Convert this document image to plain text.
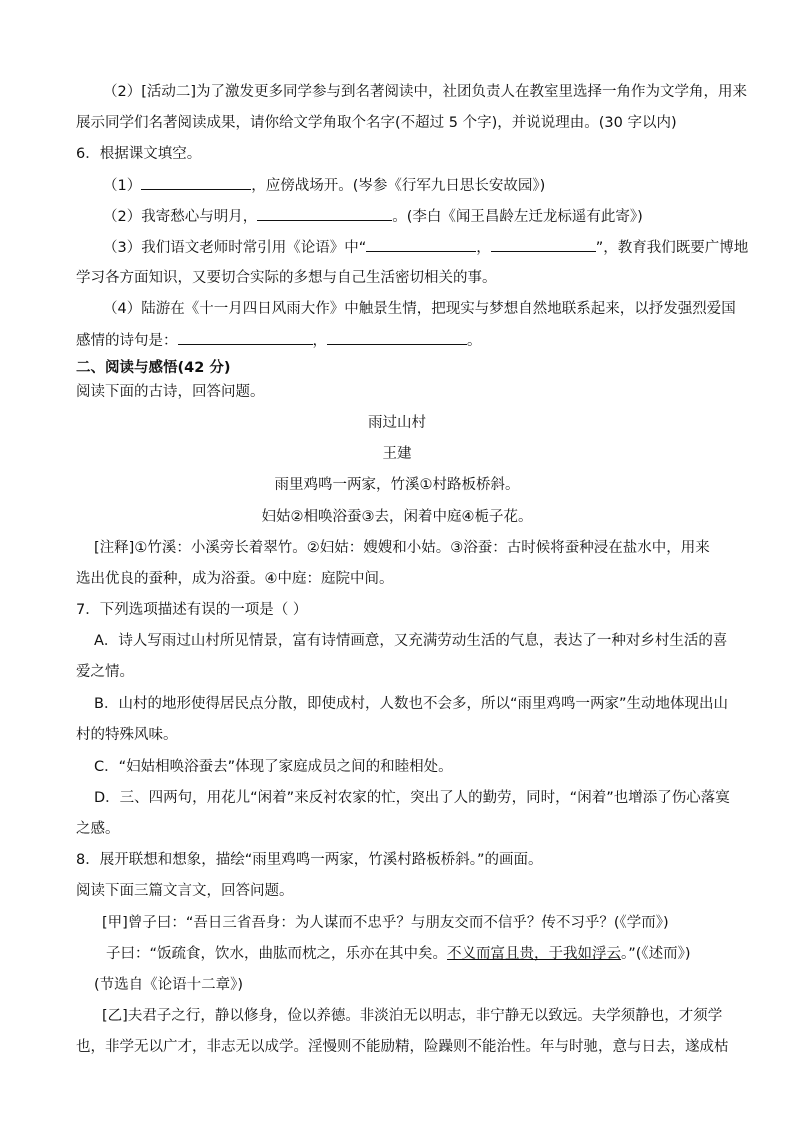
（2）[活动二]为了激发更多同学参与到名著阅读中，社团负责人在教室里选择一角作为文学角，用来
展示同学们名著阅读成果，请你给文学角取个名字(不超过 5 个字)，并说说理由。(30 字以内)
6．根据课文填空。
（1）	，应傍战场开。(岑参《行军九日思长安故园》)
（2）我寄愁心与明月，	。(李白《闻王昌龄左迁龙标遥有此寄》)
（3）我们语文老师时常引用《论语》中“	，	”，教育我们既要广博地
学习各方面知识，又要切合实际的多想与自己生活密切相关的事。
（4）陆游在《十一月四日风雨大作》中触景生情，把现实与梦想自然地联系起来，以抒发强烈爱国
感情的诗句是：	，	。
二、阅读与感悟(42 分)
阅读下面的古诗，回答问题。
雨过山村
王建
雨里鸡鸣一两家，竹溪①村路板桥斜。
妇姑②相唤浴蚕③去，闲着中庭④栀子花。
[注释]①竹溪：小溪旁长着翠竹。②妇姑：嫂嫂和小姑。③浴蚕：古时候将蚕种浸在盐水中，用来
选出优良的蚕种，成为浴蚕。④中庭：庭院中间。
7．下列选项描述有误的一项是（ ）
A．诗人写雨过山村所见情景，富有诗情画意，又充满劳动生活的气息，表达了一种对乡村生活的喜
爱之情。
B．山村的地形使得居民点分散，即使成村，人数也不会多，所以“雨里鸡鸣一两家”生动地体现出山
村的特殊风味。
C．“妇姑相唤浴蚕去”体现了家庭成员之间的和睦相处。
D．三、四两句，用花儿“闲着”来反衬农家的忙，突出了人的勤劳，同时，“闲着”也增添了伤心落寞
之感。
8．展开联想和想象，描绘“雨里鸡鸣一两家，竹溪村路板桥斜。”的画面。
阅读下面三篇文言文，回答问题。
[甲]曾子曰：“吾日三省吾身：为人谋而不忠乎？与朋友交而不信乎？传不习乎？(《学而》)
子曰：“饭疏食，饮水，曲肱而枕之，乐亦在其中矣。不义而富且贵，于我如浮云。”(《述而》)
(节选自《论语十二章》)
[乙]夫君子之行，静以修身，俭以养德。非淡泊无以明志，非宁静无以致远。夫学须静也，才须学
也，非学无以广才，非志无以成学。淫慢则不能励精，险躁则不能治性。年与时驰，意与日去，遂成枯
